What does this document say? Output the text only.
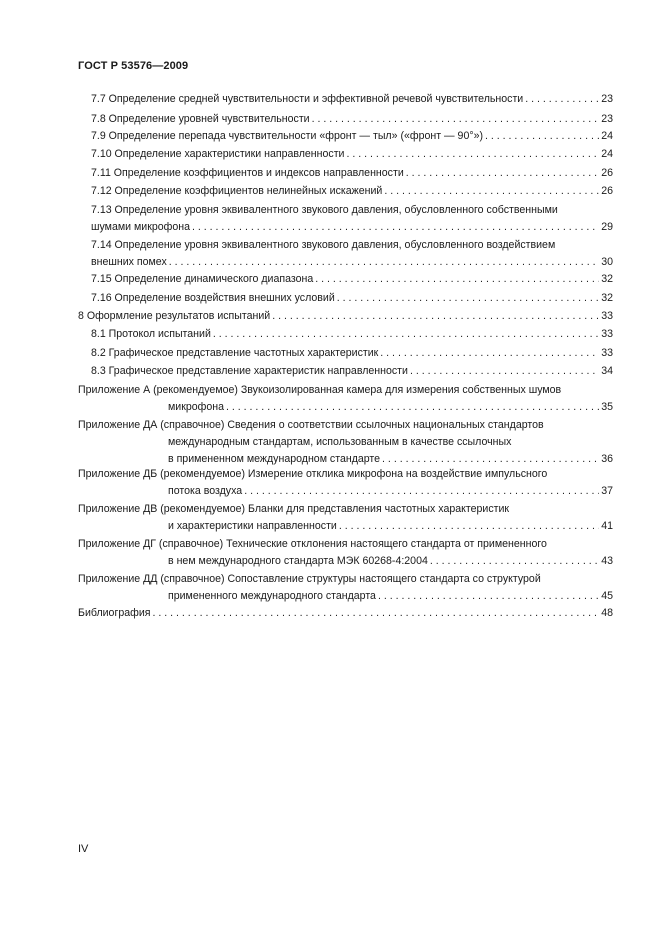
ГОСТ Р 53576—2009
7.7 Определение средней чувствительности и эффективной речевой чувствительности . . .	23
7.8 Определение уровней чувствительности . . .	23
7.9 Определение перепада чувствительности «фронт — тыл» («фронт — 90°») . . .	24
7.10 Определение характеристики направленности . . .	24
7.11 Определение коэффициентов и индексов направленности . . .	26
7.12 Определение коэффициентов нелинейных искажений . . .	26
7.13 Определение уровня эквивалентного звукового давления, обусловленного собственными
шумами микрофона . . .	29
7.14 Определение уровня эквивалентного звукового давления, обусловленного воздействием
внешних помех . . .	30
7.15 Определение динамического диапазона . . .	32
7.16 Определение воздействия внешних условий . . .	32
8 Оформление результатов испытаний . . .	33
8.1 Протокол испытаний . . .	33
8.2 Графическое представление частотных характеристик . . .	33
8.3 Графическое представление характеристик направленности . . .	34
Приложение А (рекомендуемое) Звукоизолированная камера для измерения собственных шумов
микрофона . . .	35
Приложение ДА (справочное) Сведения о соответствии ссылочных национальных стандартов
международным стандартам, использованным в качестве ссылочных
в примененном международном стандарте . . .	36
Приложение ДБ (рекомендуемое) Измерение отклика микрофона на воздействие импульсного
потока воздуха . . .	37
Приложение ДВ (рекомендуемое) Бланки для представления частотных характеристик
и характеристики направленности . . .	41
Приложение ДГ (справочное) Технические отклонения настоящего стандарта от примененного
в нем международного стандарта МЭК 60268-4:2004 . . .	43
Приложение ДД (справочное) Сопоставление структуры настоящего стандарта со структурой
примененного международного стандарта . . .	45
Библиография . . .	48
IV
